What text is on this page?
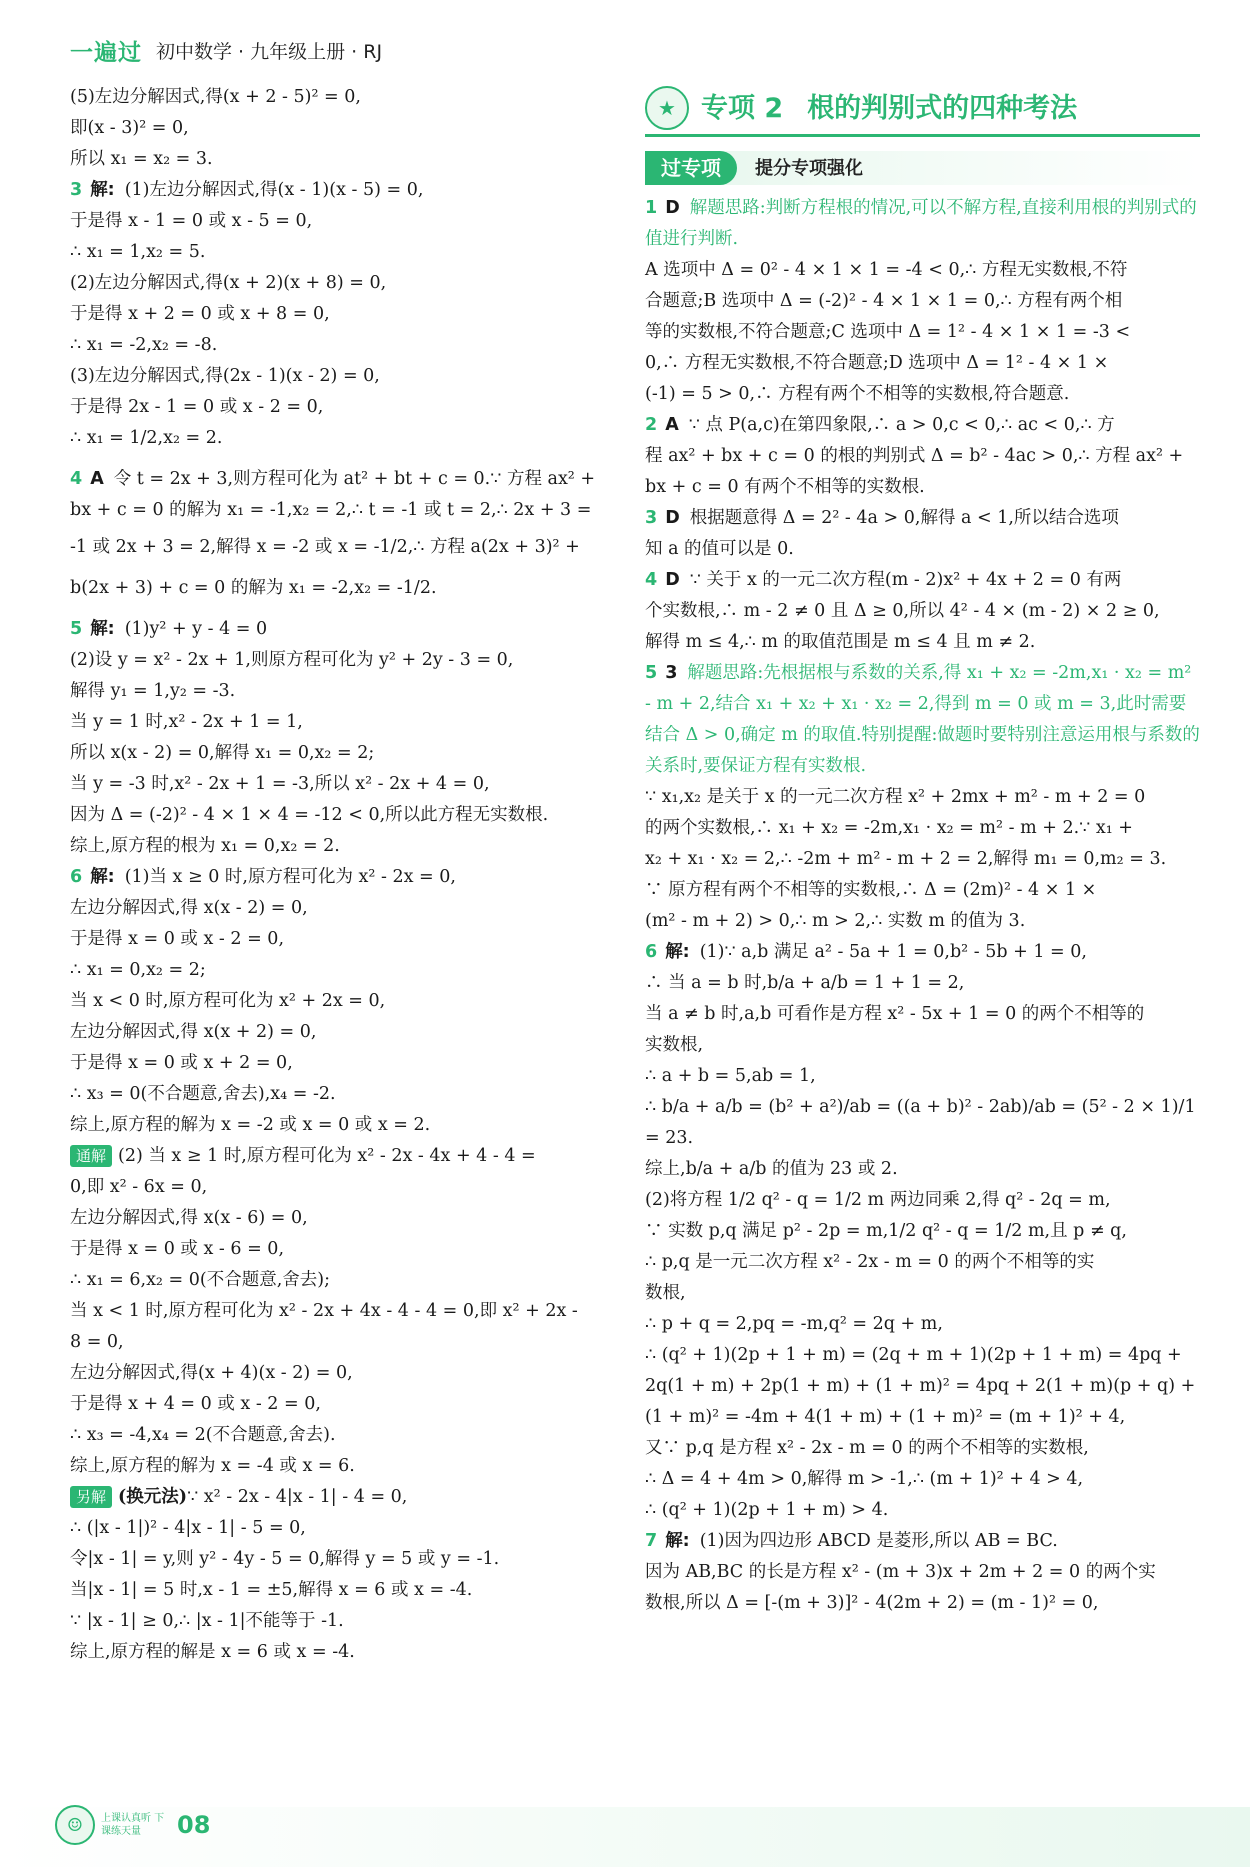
一遍过 初中数学 · 九年级上册 · RJ

(5)左边分解因式,得(x + 2 - 5)² = 0,

即(x - 3)² = 0,

所以 x₁ = x₂ = 3.

3 解: (1)左边分解因式,得(x - 1)(x - 5) = 0,

于是得 x - 1 = 0 或 x - 5 = 0,

∴ x₁ = 1,x₂ = 5.

(2)左边分解因式,得(x + 2)(x + 8) = 0,

于是得 x + 2 = 0 或 x + 8 = 0,

∴ x₁ = -2,x₂ = -8.

(3)左边分解因式,得(2x - 1)(x - 2) = 0,

于是得 2x - 1 = 0 或 x - 2 = 0,

∴ x₁ = 1/2,x₂ = 2.

4 A 令 t = 2x + 3,则方程可化为 at² + bt + c = 0.∵ 方程 ax² +

bx + c = 0 的解为 x₁ = -1,x₂ = 2,∴ t = -1 或 t = 2,∴ 2x + 3 =

-1 或 2x + 3 = 2,解得 x = -2 或 x = -1/2,∴ 方程 a(2x + 3)² +

b(2x + 3) + c = 0 的解为 x₁ = -2,x₂ = -1/2.

5 解: (1)y² + y - 4 = 0

(2)设 y = x² - 2x + 1,则原方程可化为 y² + 2y - 3 = 0,

解得 y₁ = 1,y₂ = -3.

当 y = 1 时,x² - 2x + 1 = 1,

所以 x(x - 2) = 0,解得 x₁ = 0,x₂ = 2;

当 y = -3 时,x² - 2x + 1 = -3,所以 x² - 2x + 4 = 0,

因为 Δ = (-2)² - 4 × 1 × 4 = -12 < 0,所以此方程无实数根.

综上,原方程的根为 x₁ = 0,x₂ = 2.

6 解: (1)当 x ≥ 0 时,原方程可化为 x² - 2x = 0,

左边分解因式,得 x(x - 2) = 0,

于是得 x = 0 或 x - 2 = 0,

∴ x₁ = 0,x₂ = 2;

当 x < 0 时,原方程可化为 x² + 2x = 0,

左边分解因式,得 x(x + 2) = 0,

于是得 x = 0 或 x + 2 = 0,

∴ x₃ = 0(不合题意,舍去),x₄ = -2.

综上,原方程的解为 x = -2 或 x = 0 或 x = 2.

通解 (2) 当 x ≥ 1 时,原方程可化为 x² - 2x - 4x + 4 - 4 =

0,即 x² - 6x = 0,

左边分解因式,得 x(x - 6) = 0,

于是得 x = 0 或 x - 6 = 0,

∴ x₁ = 6,x₂ = 0(不合题意,舍去);

当 x < 1 时,原方程可化为 x² - 2x + 4x - 4 - 4 = 0,即 x² + 2x -

8 = 0,

左边分解因式,得(x + 4)(x - 2) = 0,

于是得 x + 4 = 0 或 x - 2 = 0,

∴ x₃ = -4,x₄ = 2(不合题意,舍去).

综上,原方程的解为 x = -4 或 x = 6.

另解 (换元法)∵ x² - 2x - 4|x - 1| - 4 = 0,

∴ (|x - 1|)² - 4|x - 1| - 5 = 0,

令|x - 1| = y,则 y² - 4y - 5 = 0,解得 y = 5 或 y = -1.

当|x - 1| = 5 时,x - 1 = ±5,解得 x = 6 或 x = -4.

∵ |x - 1| ≥ 0,∴ |x - 1|不能等于 -1.

综上,原方程的解是 x = 6 或 x = -4.

★ 专项 2 根的判别式的四种考法
过专项	提分专项强化

1 D 解题思路:判断方程根的情况,可以不解方程,直接利用根的判别式的值进行判断.

A 选项中 Δ = 0² - 4 × 1 × 1 = -4 < 0,∴ 方程无实数根,不符

合题意;B 选项中 Δ = (-2)² - 4 × 1 × 1 = 0,∴ 方程有两个相

等的实数根,不符合题意;C 选项中 Δ = 1² - 4 × 1 × 1 = -3 <

0,∴ 方程无实数根,不符合题意;D 选项中 Δ = 1² - 4 × 1 ×

(-1) = 5 > 0,∴ 方程有两个不相等的实数根,符合题意.

2 A ∵ 点 P(a,c)在第四象限,∴ a > 0,c < 0,∴ ac < 0,∴ 方

程 ax² + bx + c = 0 的根的判别式 Δ = b² - 4ac > 0,∴ 方程 ax² +

bx + c = 0 有两个不相等的实数根.

3 D 根据题意得 Δ = 2² - 4a > 0,解得 a < 1,所以结合选项

知 a 的值可以是 0.

4 D ∵ 关于 x 的一元二次方程(m - 2)x² + 4x + 2 = 0 有两

个实数根,∴ m - 2 ≠ 0 且 Δ ≥ 0,所以 4² - 4 × (m - 2) × 2 ≥ 0,

解得 m ≤ 4,∴ m 的取值范围是 m ≤ 4 且 m ≠ 2.

5 3 解题思路:先根据根与系数的关系,得 x₁ + x₂ = -2m,x₁ · x₂ = m² - m + 2,结合 x₁ + x₂ + x₁ · x₂ = 2,得到 m = 0 或 m = 3,此时需要结合 Δ > 0,确定 m 的取值.特别提醒:做题时要特别注意运用根与系数的关系时,要保证方程有实数根.

∵ x₁,x₂ 是关于 x 的一元二次方程 x² + 2mx + m² - m + 2 = 0

的两个实数根,∴ x₁ + x₂ = -2m,x₁ · x₂ = m² - m + 2.∵ x₁ +

x₂ + x₁ · x₂ = 2,∴ -2m + m² - m + 2 = 2,解得 m₁ = 0,m₂ = 3.

∵ 原方程有两个不相等的实数根,∴ Δ = (2m)² - 4 × 1 ×

(m² - m + 2) > 0,∴ m > 2,∴ 实数 m 的值为 3.

6 解: (1)∵ a,b 满足 a² - 5a + 1 = 0,b² - 5b + 1 = 0,

∴ 当 a = b 时,b/a + a/b = 1 + 1 = 2,

当 a ≠ b 时,a,b 可看作是方程 x² - 5x + 1 = 0 的两个不相等的

实数根,

∴ a + b = 5,ab = 1,

∴ b/a + a/b = (b² + a²)/ab = ((a + b)² - 2ab)/ab = (5² - 2 × 1)/1 = 23.

综上,b/a + a/b 的值为 23 或 2.

(2)将方程 1/2 q² - q = 1/2 m 两边同乘 2,得 q² - 2q = m,

∵ 实数 p,q 满足 p² - 2p = m,1/2 q² - q = 1/2 m,且 p ≠ q,

∴ p,q 是一元二次方程 x² - 2x - m = 0 的两个不相等的实

数根,

∴ p + q = 2,pq = -m,q² = 2q + m,

∴ (q² + 1)(2p + 1 + m) = (2q + m + 1)(2p + 1 + m) = 4pq +

2q(1 + m) + 2p(1 + m) + (1 + m)² = 4pq + 2(1 + m)(p + q) +

(1 + m)² = -4m + 4(1 + m) + (1 + m)² = (m + 1)² + 4,

又∵ p,q 是方程 x² - 2x - m = 0 的两个不相等的实数根,

∴ Δ = 4 + 4m > 0,解得 m > -1,∴ (m + 1)² + 4 > 4,

∴ (q² + 1)(2p + 1 + m) > 4.

7 解: (1)因为四边形 ABCD 是菱形,所以 AB = BC.

因为 AB,BC 的长是方程 x² - (m + 3)x + 2m + 2 = 0 的两个实

数根,所以 Δ = [-(m + 3)]² - 4(2m + 2) = (m - 1)² = 0,

☺	上课认真听 下课练天量	08
